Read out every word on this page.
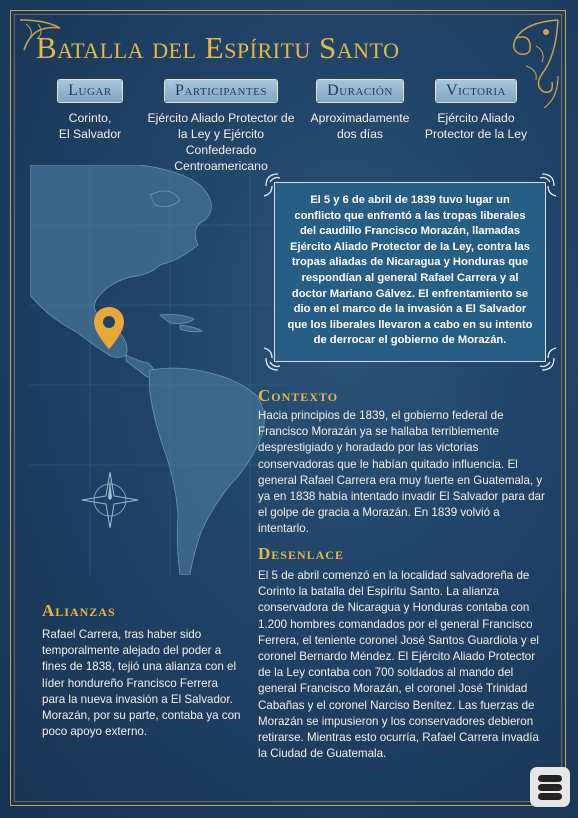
Batalla del Espíritu Santo
Lugar
Corinto,
El Salvador
Participantes
Ejército Aliado Protector de
la Ley y Ejército Confederado
Centroamericano
Duración
Aproximadamente
dos días
Victoria
Ejército Aliado
Protector de la Ley

El 5 y 6 de abril de 1839 tuvo lugar un conflicto que enfrentó a las tropas liberales del caudillo Francisco Morazán, llamadas Ejército Aliado Protector de la Ley, contra las tropas aliadas de Nicaragua y Honduras que respondían al general Rafael Carrera y al doctor Mariano Gálvez. El enfrentamiento se dio en el marco de la invasión a El Salvador que los liberales llevaron a cabo en su intento de derrocar el gobierno de Morazán.

Contexto
Hacia principios de 1839, el gobierno federal de Francisco Morazán ya se hallaba terriblemente desprestigiado y horadado por las victorias conservadoras que le habían quitado influencia. El general Rafael Carrera era muy fuerte en Guatemala, y ya en 1838 había intentado invadir El Salvador para dar el golpe de gracia a Morazán. En 1839 volvió a intentarlo.
Desenlace
El 5 de abril comenzó en la localidad salvadoreña de Corinto la batalla del Espíritu Santo. La alianza conservadora de Nicaragua y Honduras contaba con 1.200 hombres comandados por el general Francisco Ferrera, el teniente coronel José Santos Guardiola y el coronel Bernardo Méndez. El Ejército Aliado Protector de la Ley contaba con 700 soldados al mando del general Francisco Morazán, el coronel José Trinidad Cabañas y el coronel Narciso Benítez. Las fuerzas de Morazán se impusieron y los conservadores debieron retirarse. Mientras esto ocurría, Rafael Carrera invadía la Ciudad de Guatemala.
Alianzas
Rafael Carrera, tras haber sido temporalmente alejado del poder a fines de 1838, tejió una alianza con el líder hondureño Francisco Ferrera para la nueva invasión a El Salvador. Morazán, por su parte, contaba ya con poco apoyo externo.
